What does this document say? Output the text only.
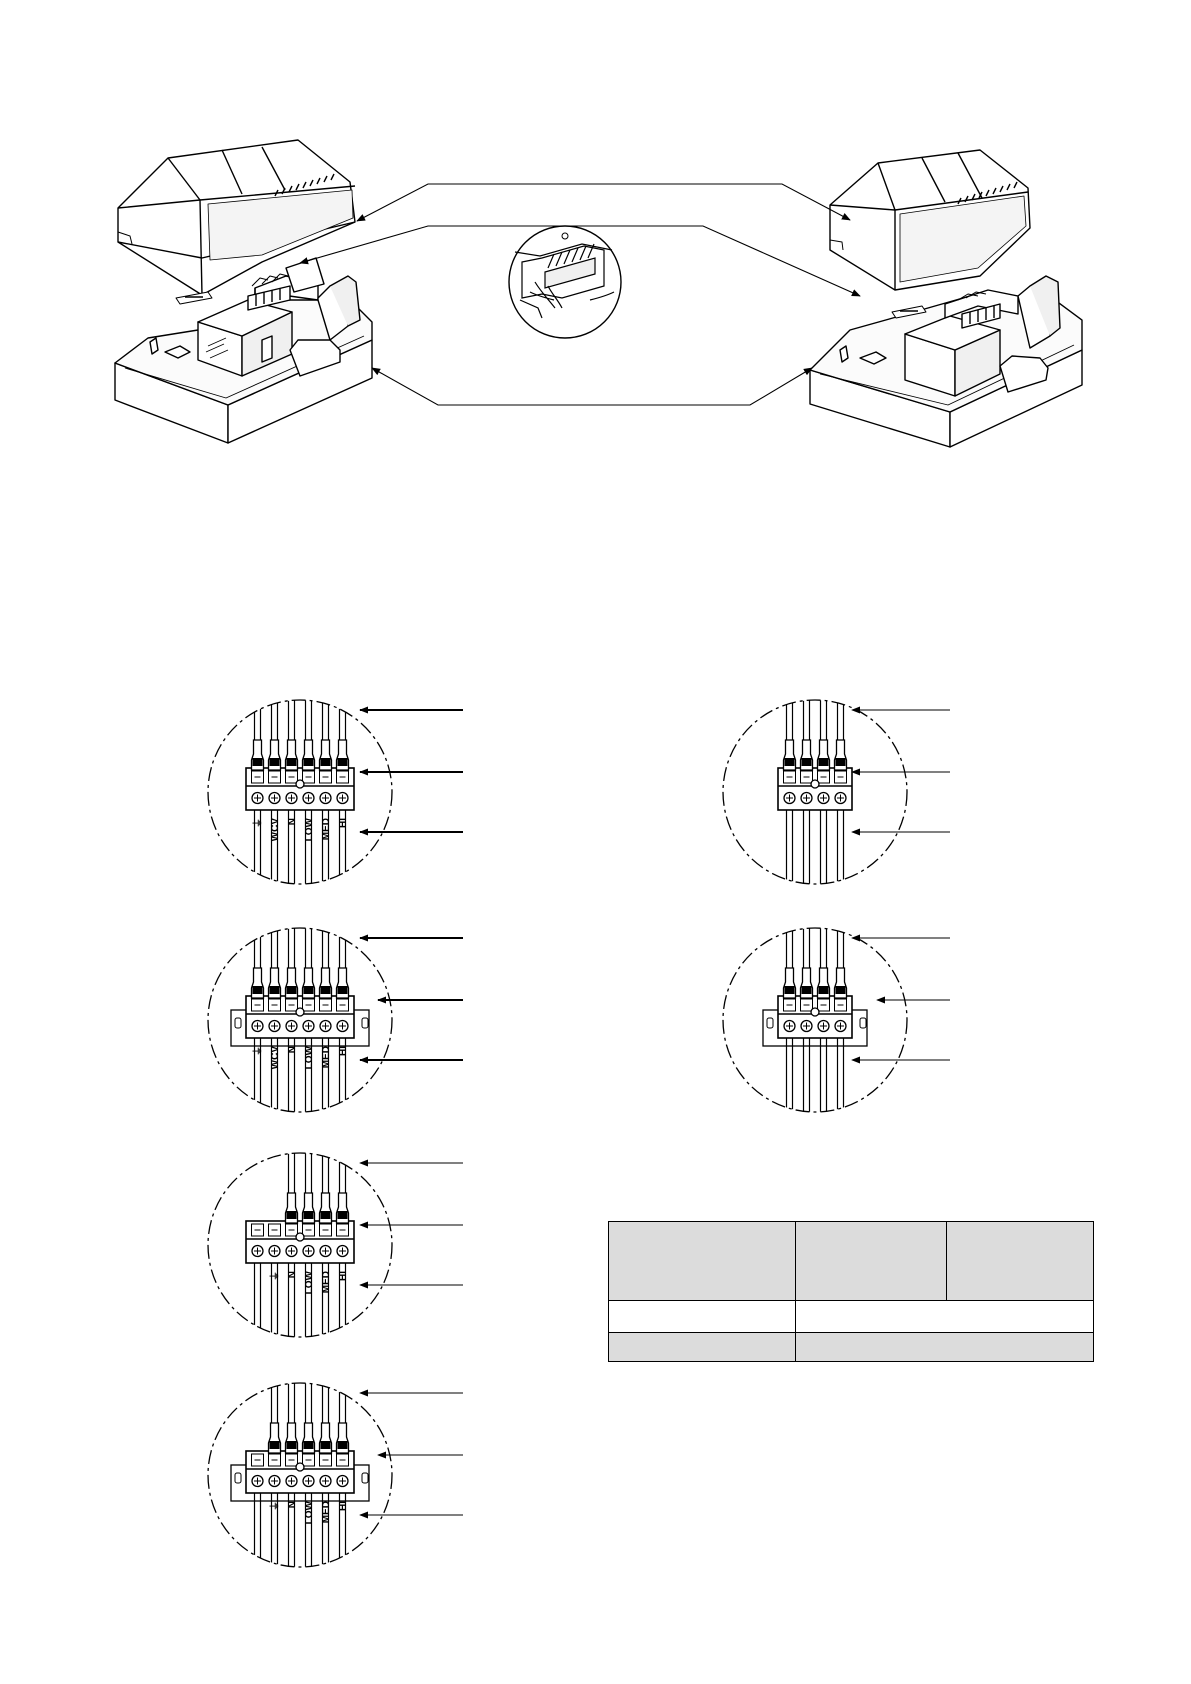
⏚ WCV N LOW MED HI
⏚ WCV N LOW MED HI
⏚ N LOW MED HI
⏚ N LOW MED HI
